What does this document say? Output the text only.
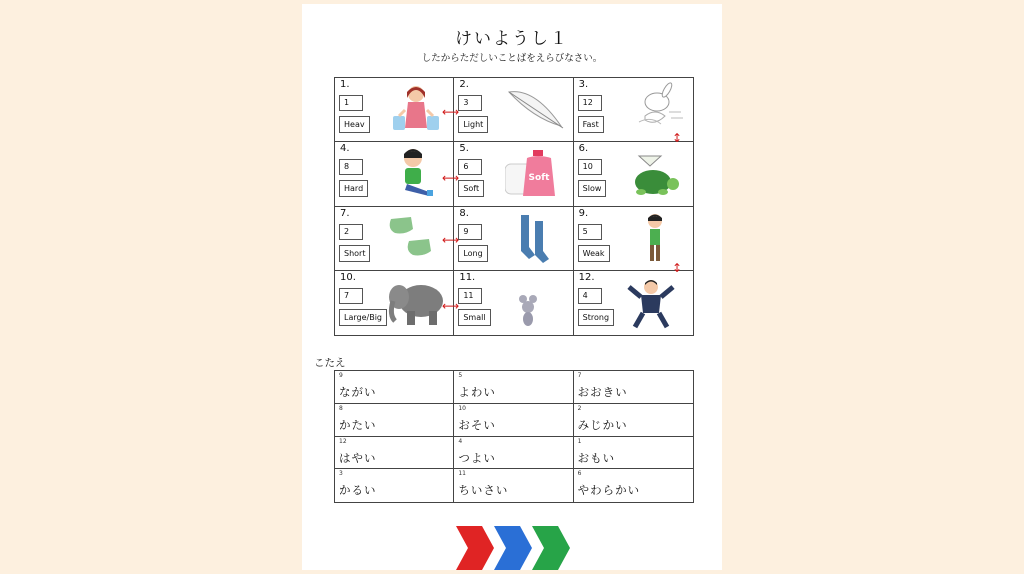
けいようし１
したからただしいことばをえらびなさい。
1.
1
Heav
2.
3
Light
3.
12
Fast
4.
8
Hard
5.
6
Soft
Soft
6.
10
Slow
7.
2
Short
8.
9
Long
9.
5
Weak
10.
7
Large/Big
11.
11
Small
12.
4
Strong
⟷
⟷
⟷
⟷
↕
↕
こたえ
9
ながい
5
よわい
7
おおきい
8
かたい
10
おそい
2
みじかい
12
はやい
4
つよい
1
おもい
3
かるい
11
ちいさい
6
やわらかい
